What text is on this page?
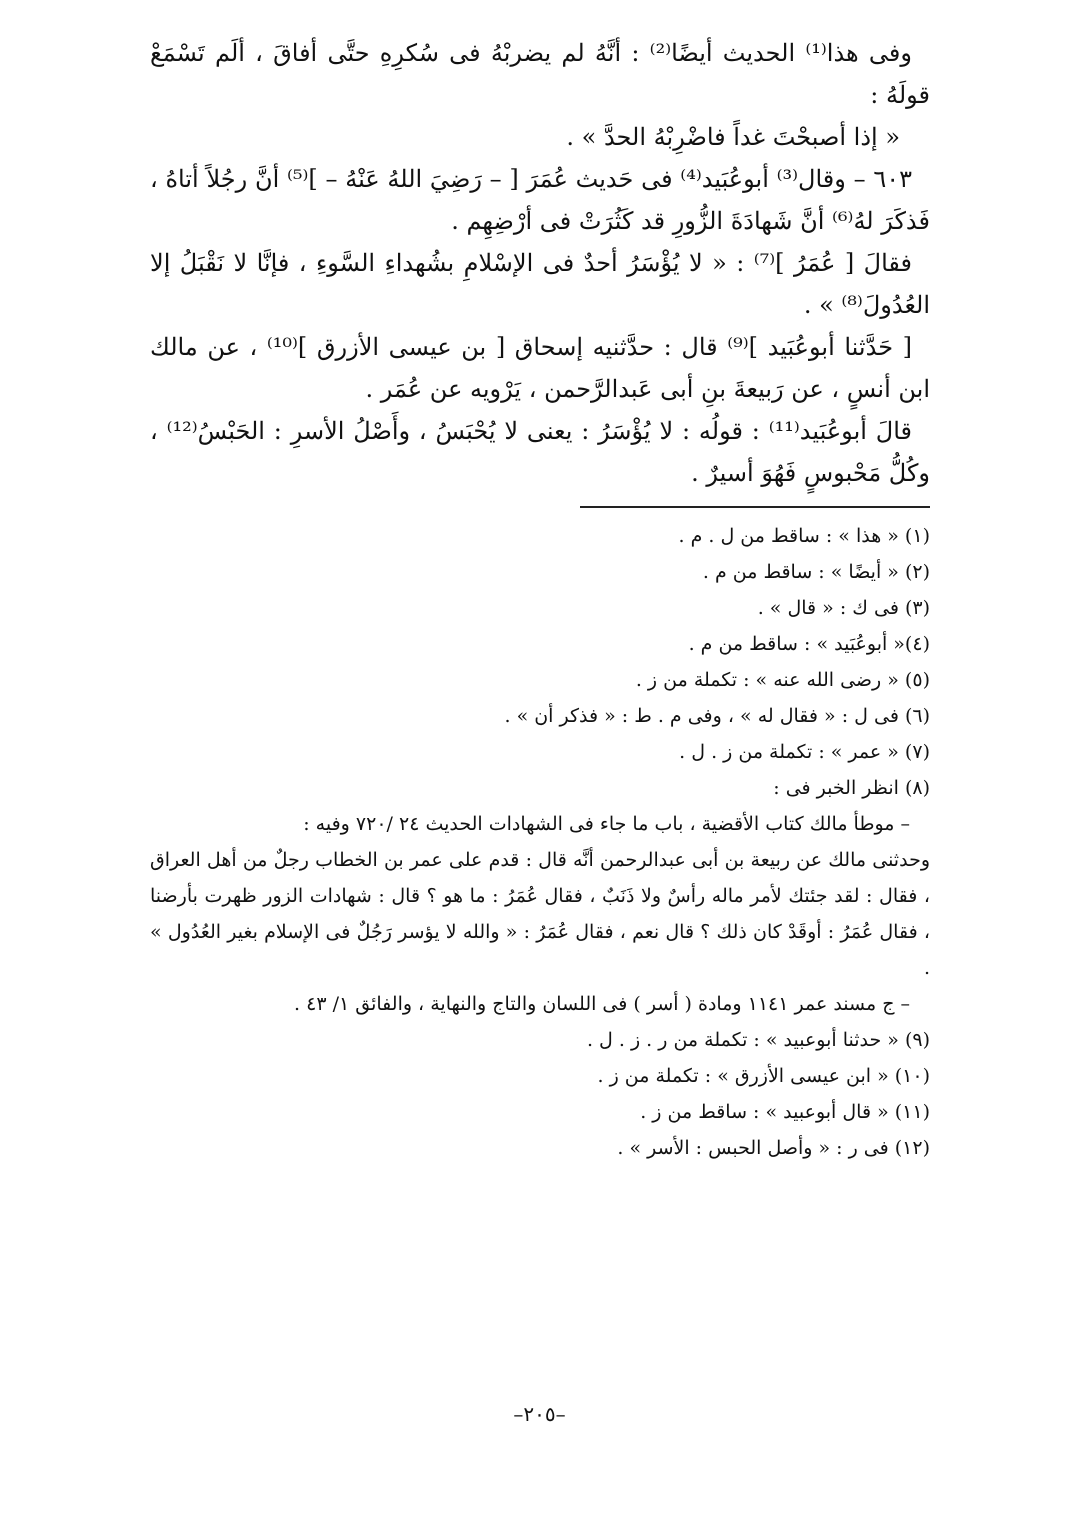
وفى هذا⁽¹⁾ الحديث أيضًا⁽²⁾ : أنَّهُ لم يضربْهُ فى سُكرِهِ حتَّى أفاقَ ، ألَم تَسْمَعْ قولَهُ :

« إذا أصبحْتَ غداً فاضْرِبْهُ الحدَّ » .

٦٠٣ – وقال⁽³⁾ أبوعُبَيد⁽⁴⁾ فى حَديث عُمَرَ [ – رَضِيَ اللهُ عَنْهُ – ]⁽⁵⁾ أنَّ رجُلاً أتاهُ ، فَذكَرَ لهُ⁽⁶⁾ أنَّ شَهادَةَ الزُّورِ قد كَثُرَتْ فى أرْضِهِم .

فقالَ [ عُمَرُ ]⁽⁷⁾ : « لا يُؤْسَرُ أحدٌ فى الإسْلامِ بشُهداءِ السَّوءِ ، فإنَّا لا نَقْبَلُ إلا العُدُولَ⁽⁸⁾ » .

[ حَدَّثنا أبوعُبَيد ]⁽⁹⁾ قال : حدَّثنيه إسحاق [ بن عيسى الأزرق ]⁽¹⁰⁾ ، عن مالك ابن أنسٍ ، عن رَبيعةَ بنِ أبى عَبدالرَّحمن ، يَرْويه عن عُمَر .

قالَ أبوعُبَيد⁽¹¹⁾ : قولُه : لا يُؤْسَرُ : يعنى لا يُحْبَسُ ، وأَصْلُ الأسرِ : الحَبْسُ⁽¹²⁾ ، وكُلُّ مَحْبوسٍ فَهُوَ أسيرٌ .

(١) « هذا » : ساقط من ل . م .

(٢) « أيضًا » : ساقط من م .

(٣) فى ك : « قال » .

(٤)« أبوعُبَيد » : ساقط من م .

(٥) « رضى الله عنه » : تكملة من ز .

(٦) فى ل : « فقال له » ، وفى م . ط : « فذكر أن » .

(٧) « عمر » : تكملة من ز . ل .

(٨) انظر الخبر فى :

– موطأ مالك كتاب الأقضية ، باب ما جاء فى الشهادات الحديث ٢٤ /٧٢٠ وفيه :

وحدثنى مالك عن ربيعة بن أبى عبدالرحمن أنَّه قال : قدم على عمر بن الخطاب رجلٌ من أهل العراق ، فقال : لقد جئتك لأمر ماله رأسٌ ولا ذَنَبٌ ، فقال عُمَرُ : ما هو ؟ قال : شهادات الزور ظهرت بأرضنا ، فقال عُمَرُ : أوقَدْ كان ذلك ؟ قال نعم ، فقال عُمَرُ : « والله لا يؤسر رَجُلٌ فى الإسلام بغير العُدُول » .

– ج مسند عمر ١١٤١ ومادة ( أسر ) فى اللسان والتاج والنهاية ، والفائق ١/ ٤٣ .

(٩) « حدثنا أبوعبيد » : تكملة من ر . ز . ل .

(١٠) « ابن عيسى الأزرق » : تكملة من ز .

(١١) « قال أبوعبيد » : ساقط من ز .

(١٢) فى ر : « وأصل الحبس : الأسر » .

–٢٠٥–
